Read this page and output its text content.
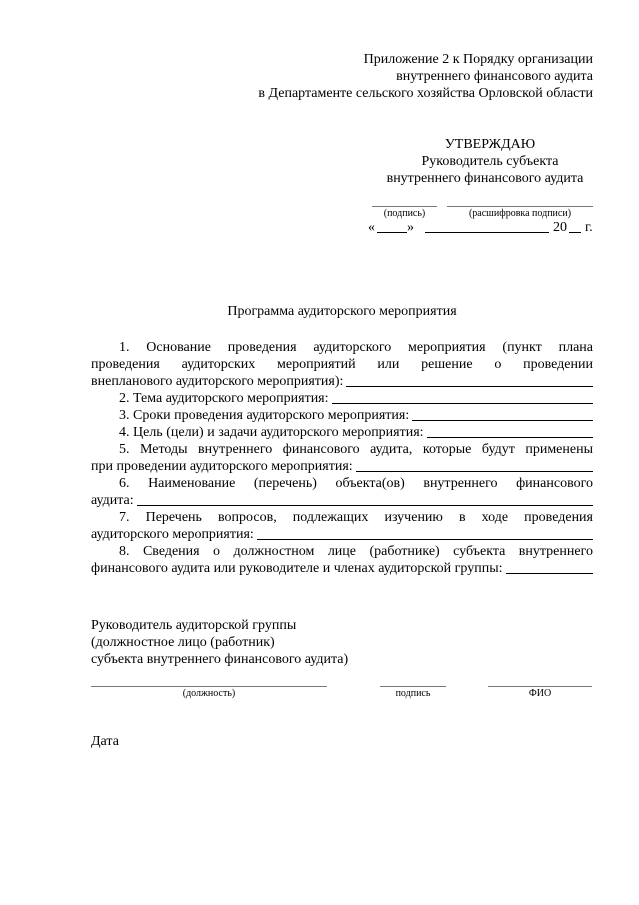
Приложение 2 к Порядку организации
внутреннего финансового аудита
в Департаменте сельского хозяйства Орловской области
УТВЕРЖДАЮ
Руководитель субъекта
внутреннего финансового аудита
(подпись)	(расшифровка подписи)
« »	20 г.
Программа аудиторского мероприятия
1. Основание проведения аудиторского мероприятия (пункт плана
проведения аудиторских мероприятий или решение о проведении
внепланового аудиторского мероприятия):
2. Тема аудиторского мероприятия:
3. Сроки проведения аудиторского мероприятия:
4. Цель (цели) и задачи аудиторского мероприятия:
5. Методы внутреннего финансового аудита, которые будут применены
при проведении аудиторского мероприятия:
6. Наименование (перечень) объекта(ов) внутреннего финансового
аудита:
7. Перечень вопросов, подлежащих изучению в ходе проведения
аудиторского мероприятия:
8. Сведения о должностном лице (работнике) субъекта внутреннего
финансового аудита или руководителе и членах аудиторской группы:
Руководитель аудиторской группы
(должностное лицо (работник)
субъекта внутреннего финансового аудита)
(должность)	подпись	ФИО
Дата
